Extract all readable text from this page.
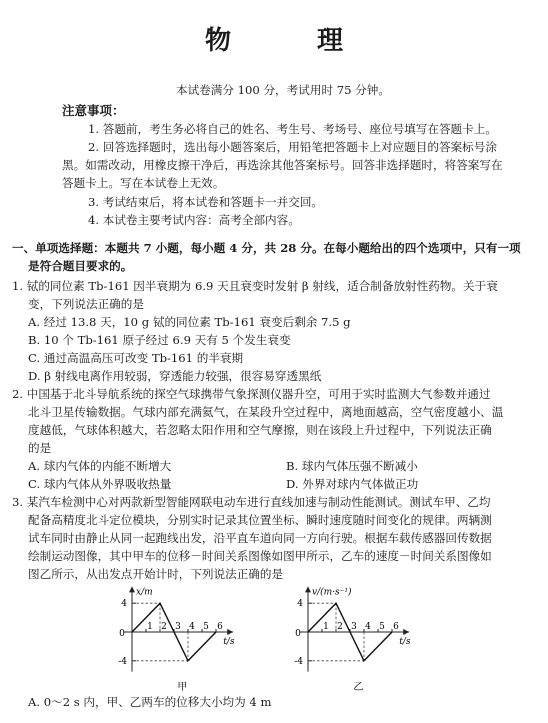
物　理
本试卷满分 100 分，考试用时 75 分钟。
注意事项：
1. 答题前，考生务必将自己的姓名、考生号、考场号、座位号填写在答题卡上。
2. 回答选择题时，选出每小题答案后，用铅笔把答题卡上对应题目的答案标号涂
黑。如需改动，用橡皮擦干净后，再选涂其他答案标号。回答非选择题时，将答案写在
答题卡上。写在本试卷上无效。
3. 考试结束后，将本试卷和答题卡一并交回。
4. 本试卷主要考试内容：高考全部内容。
一、单项选择题：本题共 7 小题，每小题 4 分，共 28 分。在每小题给出的四个选项中，只有一项
是符合题目要求的。
1. 铽的同位素 Tb-161 因半衰期为 6.9 天且衰变时发射 β 射线，适合制备放射性药物。关于衰
变，下列说法正确的是
A. 经过 13.8 天，10 g 铽的同位素 Tb-161 衰变后剩余 7.5 g
B. 10 个 Tb-161 原子经过 6.9 天有 5 个发生衰变
C. 通过高温高压可改变 Tb-161 的半衰期
D. β 射线电离作用较弱，穿透能力较强，很容易穿透黑纸
2. 中国基于北斗导航系统的探空气球携带气象探测仪器升空，可用于实时监测大气参数并通过
北斗卫星传输数据。气球内部充满氦气，在某段升空过程中，离地面越高，空气密度越小、温
度越低，气球体积越大，若忽略太阳作用和空气摩擦，则在该段上升过程中，下列说法正确
的是
A. 球内气体的内能不断增大	B. 球内气体压强不断减小
C. 球内气体从外界吸收热量	D. 外界对球内气体做正功
3. 某汽车检测中心对两款新型智能网联电动车进行直线加速与制动性能测试。测试车甲、乙均
配备高精度北斗定位模块，分别实时记录其位置坐标、瞬时速度随时间变化的规律。两辆测
试车同时由静止从同一起跑线出发，沿平直车道向同一方向行驶。根据车载传感器回传数据
绘制运动图像，其中甲车的位移－时间关系图像如图甲所示，乙车的速度－时间关系图像如
图乙所示，从出发点开始计时，下列说法正确的是
x/m
t/s
0
4
-4
1 2 3 4 5 6
甲
v/(m·s⁻¹)
t/s
0
4
-4
1 2 3 4 5 6
乙
A. 0～2 s 内，甲、乙两车的位移大小均为 4 m
